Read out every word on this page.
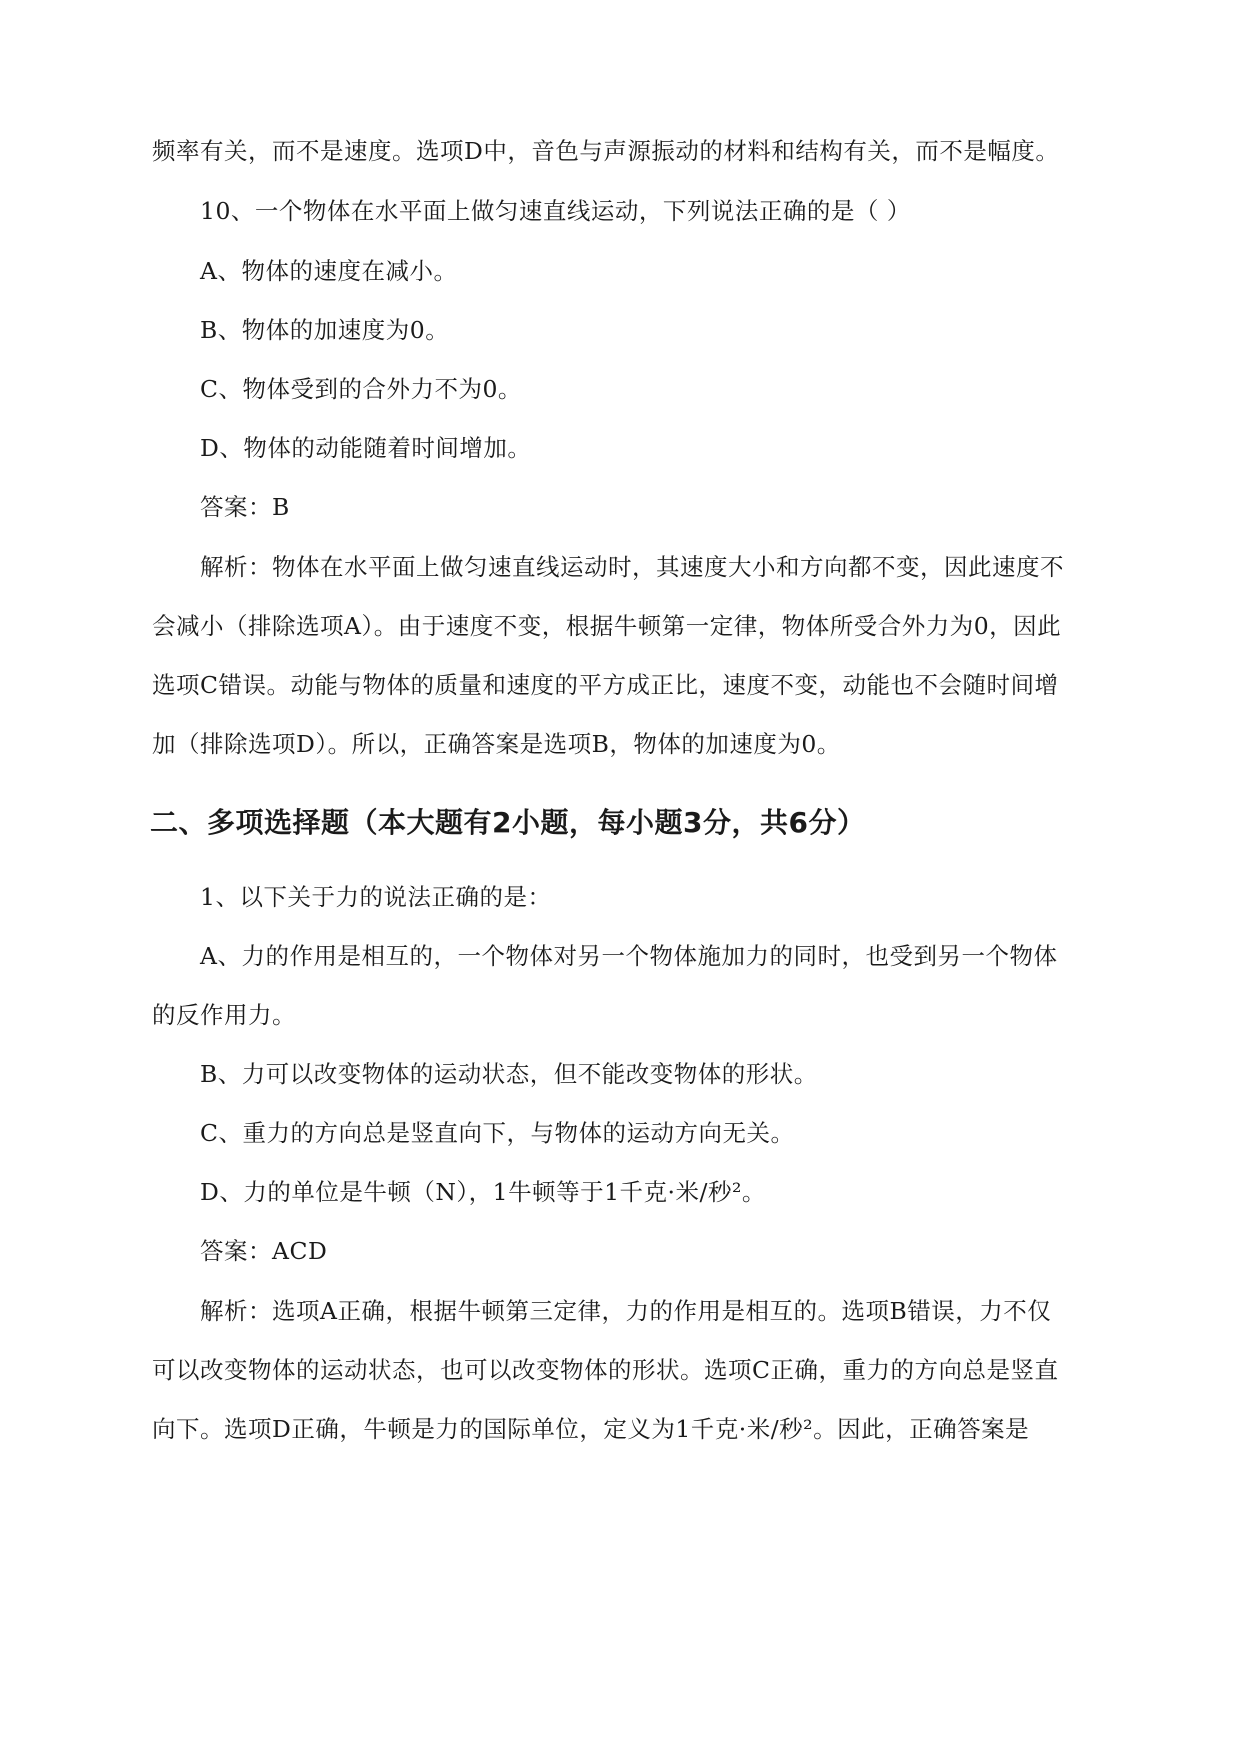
频率有关，而不是速度。选项D中，音色与声源振动的材料和结构有关，而不是幅度。
10、一个物体在水平面上做匀速直线运动，下列说法正确的是（ ）
A、物体的速度在减小。
B、物体的加速度为0。
C、物体受到的合外力不为0。
D、物体的动能随着时间增加。
答案：B
解析：物体在水平面上做匀速直线运动时，其速度大小和方向都不变，因此速度不
会减小（排除选项A）。由于速度不变，根据牛顿第一定律，物体所受合外力为0，因此
选项C错误。动能与物体的质量和速度的平方成正比，速度不变，动能也不会随时间增
加（排除选项D）。所以，正确答案是选项B，物体的加速度为0。
二、多项选择题（本大题有2小题，每小题3分，共6分）
1、以下关于力的说法正确的是：
A、力的作用是相互的，一个物体对另一个物体施加力的同时，也受到另一个物体
的反作用力。
B、力可以改变物体的运动状态，但不能改变物体的形状。
C、重力的方向总是竖直向下，与物体的运动方向无关。
D、力的单位是牛顿（N），1牛顿等于1千克·米/秒²。
答案：ACD
解析：选项A正确，根据牛顿第三定律，力的作用是相互的。选项B错误，力不仅
可以改变物体的运动状态，也可以改变物体的形状。选项C正确，重力的方向总是竖直
向下。选项D正确，牛顿是力的国际单位，定义为1千克·米/秒²。因此，正确答案是
